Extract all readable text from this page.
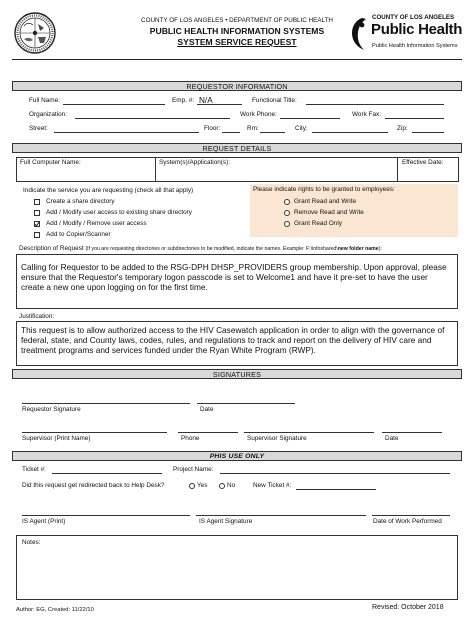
COUNTY OF LOS ANGELES • DEPARTMENT OF PUBLIC HEALTH
PUBLIC HEALTH INFORMATION SYSTEMS
SYSTEM SERVICE REQUEST
COUNTY OF LOS ANGELES
Public Health
Public Health Information Systems
REQUESTOR INFORMATION
Full Name:	Emp. #: N/A	Functional Title:
Organization:	Work Phone:	Work Fax:
Street:	Floor:	Rm:	City:	Zip:
REQUEST DETAILS
Full Computer Name:	System(s)/Application(s):	Effective Date:
Indicate the service you are requesting (check all that apply)
Create a share directory
Add / Modify user access to existing share directory
Add / Modify / Remove user access
Add to Copier/Scanner
Please indicate rights to be granted to employees:
Grant Read and Write
Remove Read and Write
Grant Read Only
Description of Request (If you are requesting directories or subdirectories to be modified, indicate the names. Example: F:\infoshared\new folder name):
Calling for Requestor to be added to the RSG-DPH DHSP_PROVIDERS group membership. Upon approval, please ensure that the Requestor's temporary logon passcode is set to Welcome1 and have it pre-set to have the user create a new one upon logging on for the first time.
Justification:
This request is to allow authorized access to the HIV Casewatch application in order to align with the governance of federal, state, and County laws, codes, rules, and regulations to track and report on the delivery of HIV care and treatment programs and services funded under the Ryan White Program (RWP).
SIGNATURES
Requestor Signature	Date
Supervisor (Print Name)	Phone	Supervisor Signature	Date
PHIS USE ONLY
Ticket #:	Project Name:
Did this request get redirected back to Help Desk?	Yes	No	New Ticket #:
IS Agent (Print)	IS Agent Signature	Date of Work Performed
Notes:
Author: EG, Created: 11/22/10	Revised: October 2018
